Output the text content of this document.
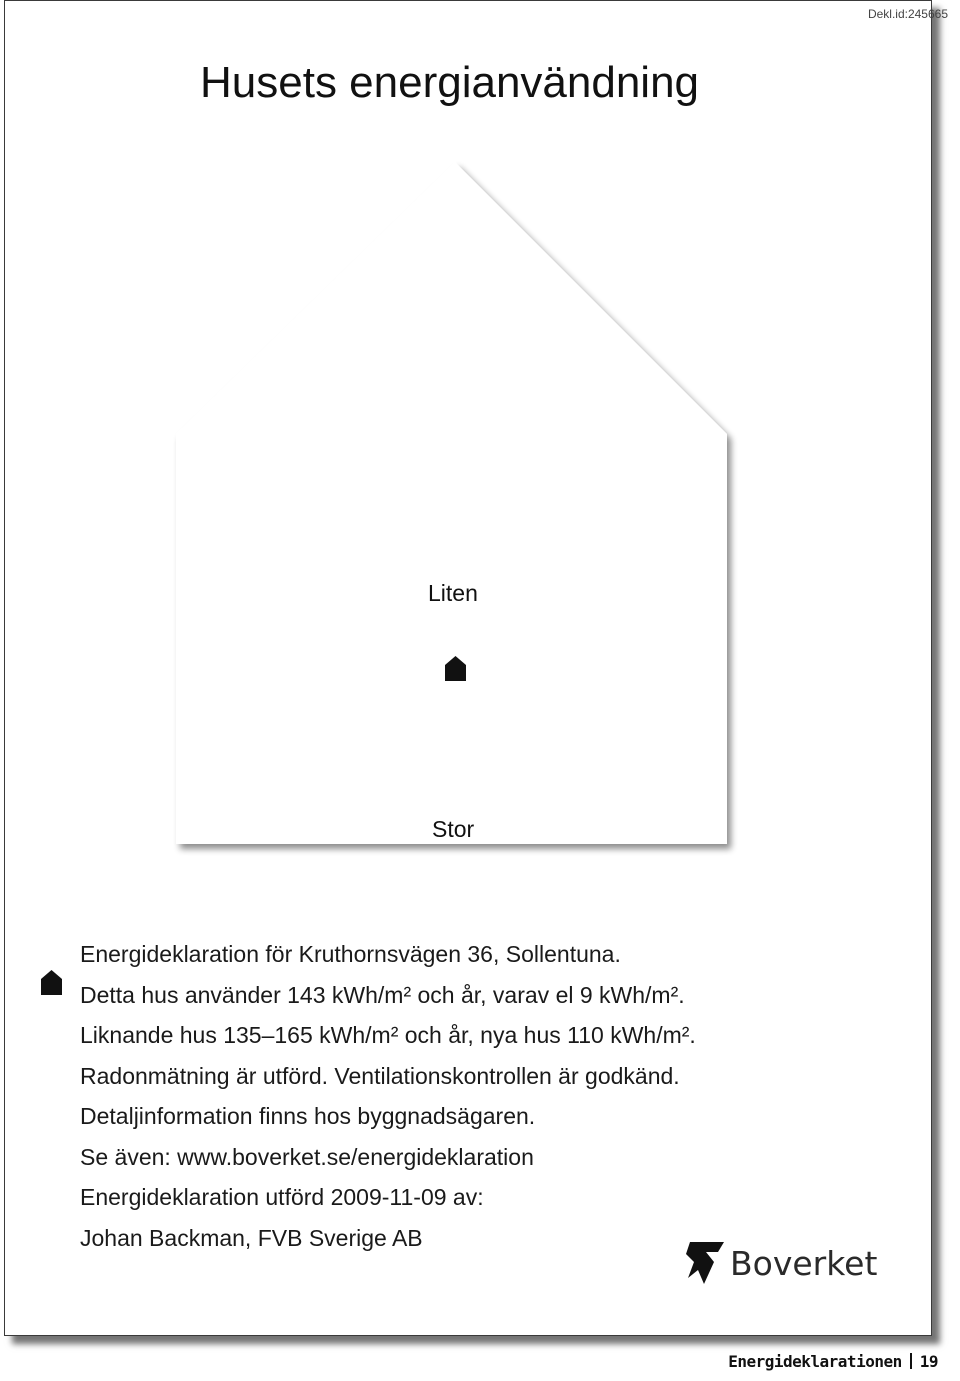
Dekl.id:245665
Husets energianvändning
Liten
Stor
Energideklaration för Kruthornsvägen 36, Sollentuna.
Detta hus använder 143 kWh/m² och år, varav el 9 kWh/m².
Liknande hus 135–165 kWh/m² och år, nya hus 110 kWh/m².
Radonmätning är utförd. Ventilationskontrollen är godkänd.
Detaljinformation finns hos byggnadsägaren.
Se även: www.boverket.se/energideklaration
Energideklaration utförd 2009-11-09 av:
Johan Backman, FVB Sverige AB
Boverket
Energideklarationen 19
